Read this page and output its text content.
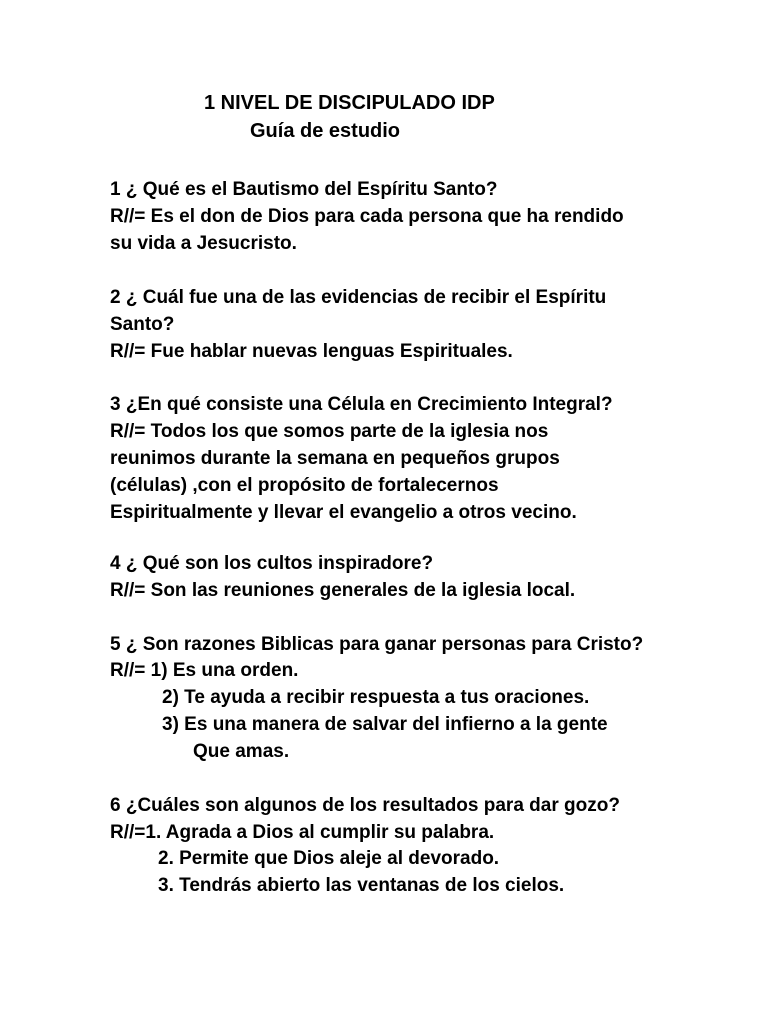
1 NIVEL DE DISCIPULADO IDP
Guía de estudio
1 ¿ Qué es el Bautismo del Espíritu Santo?
R//= Es el don de Dios para cada persona que ha rendido
su vida a Jesucristo.
2 ¿ Cuál fue una de las evidencias de recibir el Espíritu
Santo?
R//= Fue hablar nuevas lenguas Espirituales.
3 ¿En qué consiste una Célula en Crecimiento Integral?
R//= Todos los que somos parte de la iglesia nos
reunimos durante la semana en pequeños grupos
(células) ,con el propósito de fortalecernos
Espiritualmente y llevar el evangelio a otros vecino.
4 ¿ Qué son los cultos inspiradore?
R//= Son las reuniones generales de la iglesia local.
5 ¿ Son razones Biblicas para ganar personas para Cristo?
R//= 1) Es una orden.
2) Te ayuda a recibir respuesta a tus oraciones.
3) Es una manera de salvar del infierno a la gente
Que amas.
6 ¿Cuáles son algunos de los resultados para dar gozo?
R//=1. Agrada a Dios al cumplir su palabra.
2. Permite que Dios aleje al devorado.
3. Tendrás abierto las ventanas de los cielos.
